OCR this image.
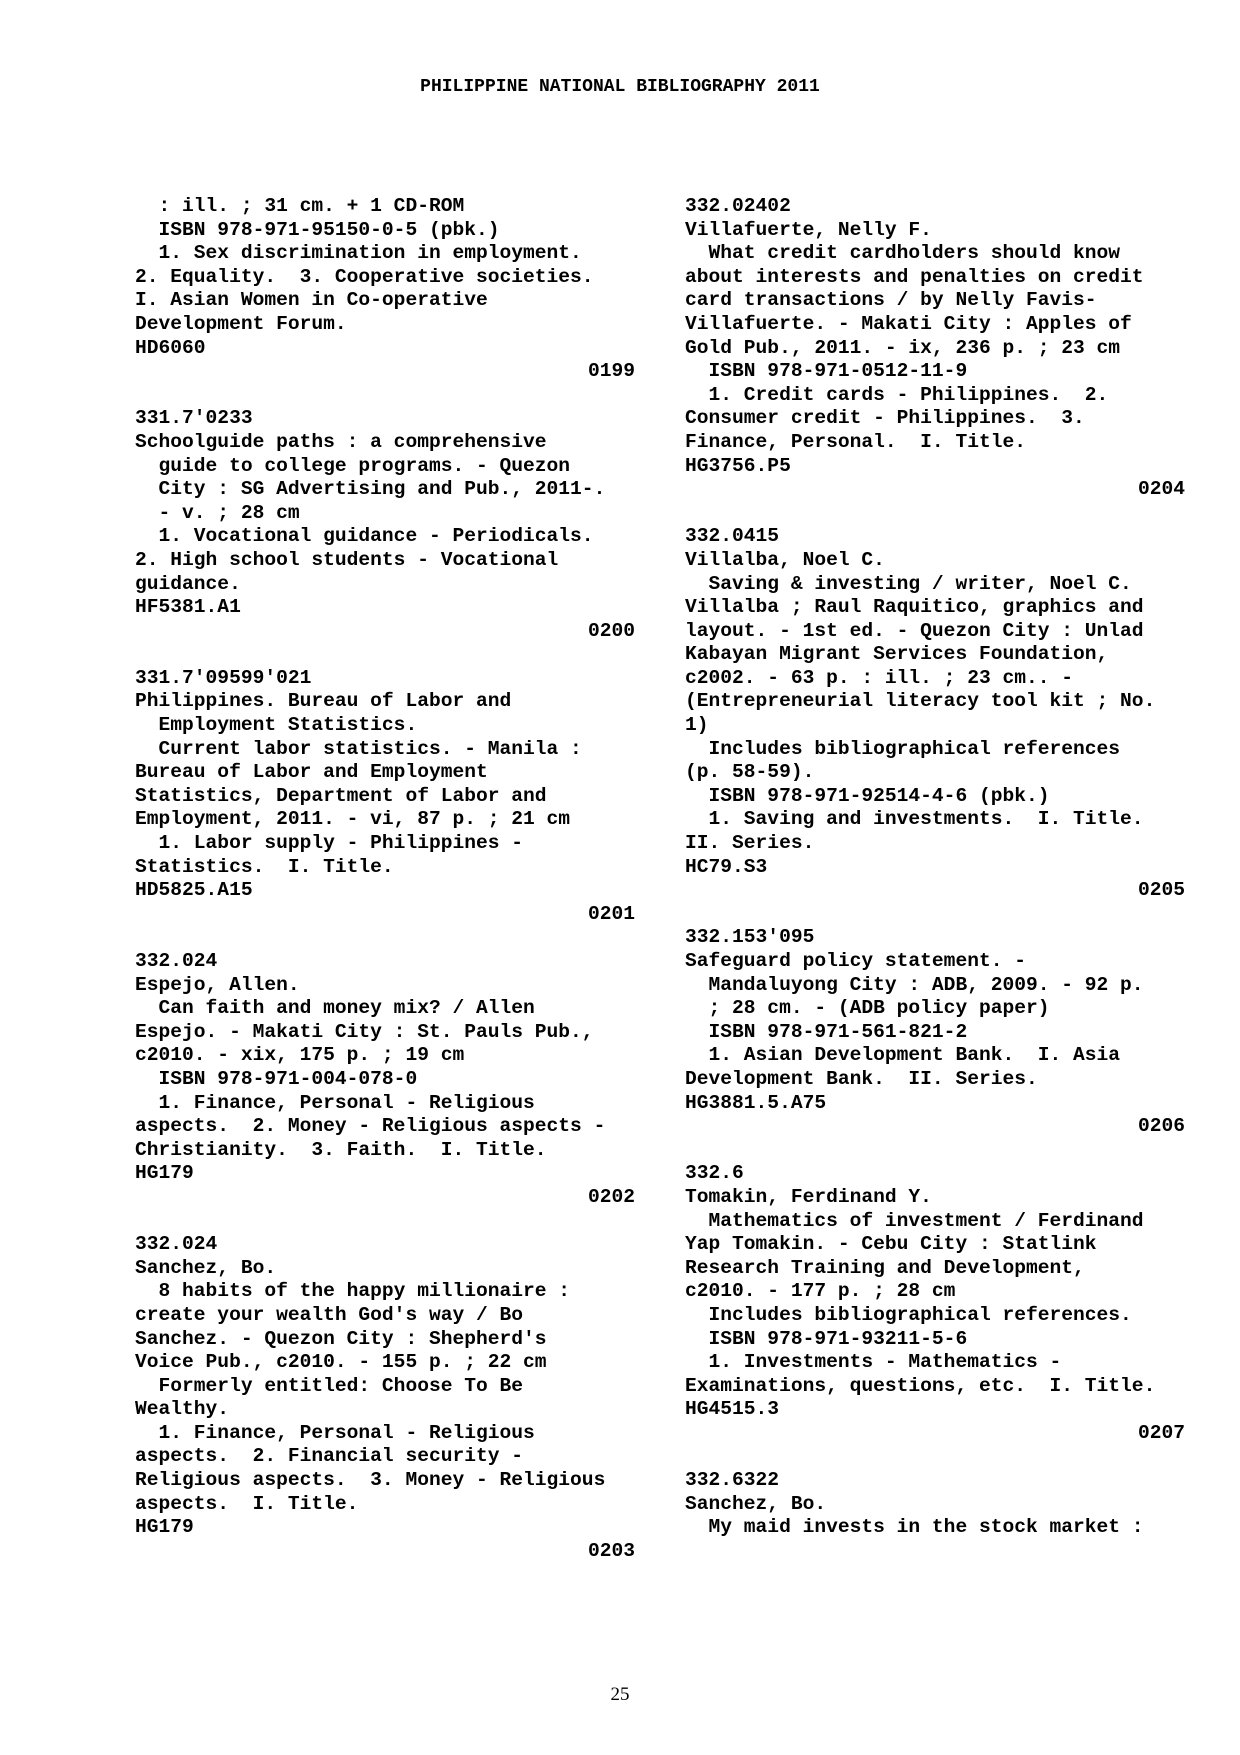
PHILIPPINE NATIONAL BIBLIOGRAPHY 2011
: ill. ; 31 cm. + 1 CD-ROM
ISBN 978-971-95150-0-5 (pbk.)
1. Sex discrimination in employment.
2. Equality.  3. Cooperative societies.
I. Asian Women in Co-operative
Development Forum.
HD6060
0199
331.7'0233
Schoolguide paths : a comprehensive
guide to college programs. - Quezon
City : SG Advertising and Pub., 2011-.
- v. ; 28 cm
1. Vocational guidance - Periodicals.
2. High school students - Vocational
guidance.
HF5381.A1
0200
331.7'09599'021
Philippines. Bureau of Labor and
Employment Statistics.
Current labor statistics. - Manila :
Bureau of Labor and Employment
Statistics, Department of Labor and
Employment, 2011. - vi, 87 p. ; 21 cm
1. Labor supply - Philippines -
Statistics.  I. Title.
HD5825.A15
0201
332.024
Espejo, Allen.
Can faith and money mix? / Allen
Espejo. - Makati City : St. Pauls Pub.,
c2010. - xix, 175 p. ; 19 cm
ISBN 978-971-004-078-0
1. Finance, Personal - Religious
aspects.  2. Money - Religious aspects -
Christianity.  3. Faith.  I. Title.
HG179
0202
332.024
Sanchez, Bo.
8 habits of the happy millionaire :
create your wealth God's way / Bo
Sanchez. - Quezon City : Shepherd's
Voice Pub., c2010. - 155 p. ; 22 cm
Formerly entitled: Choose To Be
Wealthy.
1. Finance, Personal - Religious
aspects.  2. Financial security -
Religious aspects.  3. Money - Religious
aspects.  I. Title.
HG179
0203
332.02402
Villafuerte, Nelly F.
What credit cardholders should know
about interests and penalties on credit
card transactions / by Nelly Favis-
Villafuerte. - Makati City : Apples of
Gold Pub., 2011. - ix, 236 p. ; 23 cm
ISBN 978-971-0512-11-9
1. Credit cards - Philippines.  2.
Consumer credit - Philippines.  3.
Finance, Personal.  I. Title.
HG3756.P5
0204
332.0415
Villalba, Noel C.
Saving & investing / writer, Noel C.
Villalba ; Raul Raquitico, graphics and
layout. - 1st ed. - Quezon City : Unlad
Kabayan Migrant Services Foundation,
c2002. - 63 p. : ill. ; 23 cm.. -
(Entrepreneurial literacy tool kit ; No.
1)
Includes bibliographical references
(p. 58-59).
ISBN 978-971-92514-4-6 (pbk.)
1. Saving and investments.  I. Title.
II. Series.
HC79.S3
0205
332.153'095
Safeguard policy statement. -
Mandaluyong City : ADB, 2009. - 92 p.
; 28 cm. - (ADB policy paper)
ISBN 978-971-561-821-2
1. Asian Development Bank.  I. Asia
Development Bank.  II. Series.
HG3881.5.A75
0206
332.6
Tomakin, Ferdinand Y.
Mathematics of investment / Ferdinand
Yap Tomakin. - Cebu City : Statlink
Research Training and Development,
c2010. - 177 p. ; 28 cm
Includes bibliographical references.
ISBN 978-971-93211-5-6
1. Investments - Mathematics -
Examinations, questions, etc.  I. Title.
HG4515.3
0207
332.6322
Sanchez, Bo.
My maid invests in the stock market :
25
